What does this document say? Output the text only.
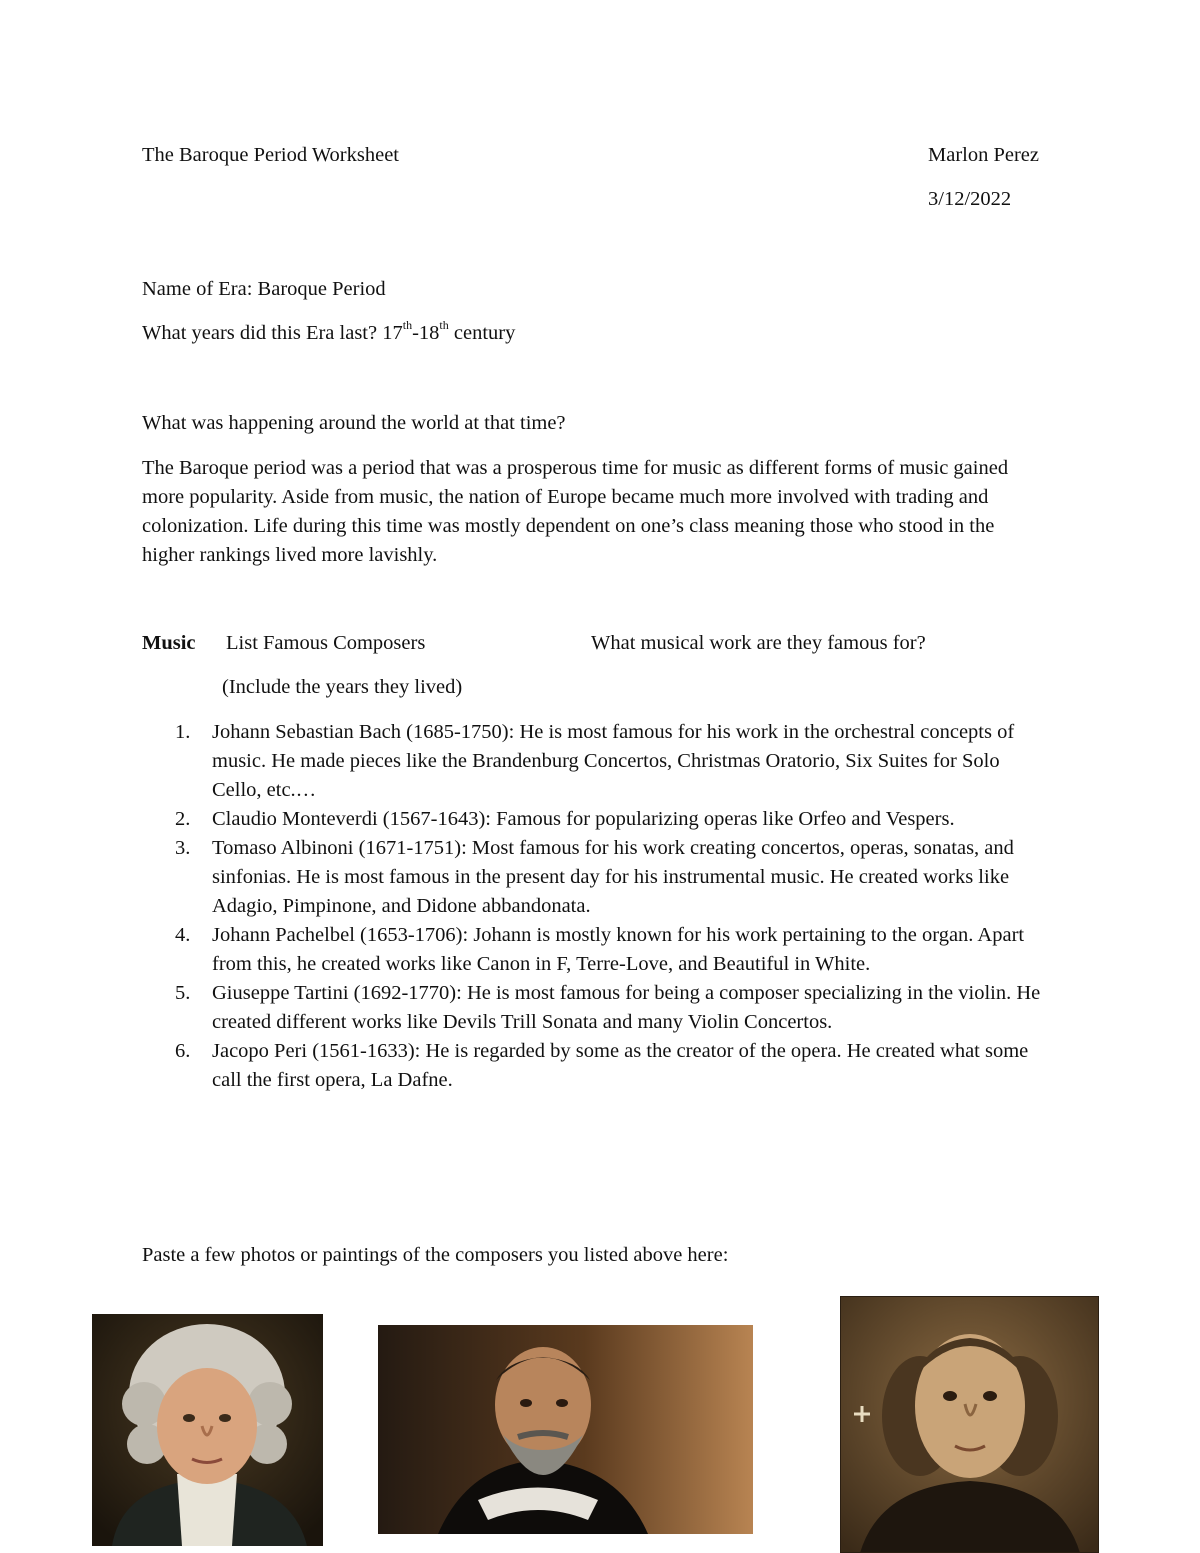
The Baroque Period Worksheet	Marlon Perez
3/12/2022
Name of Era: Baroque Period
What years did this Era last? 17th-18th century
What was happening around the world at that time?

The Baroque period was a period that was a prosperous time for music as different forms of music gained more popularity. Aside from music, the nation of Europe became much more involved with trading and colonization. Life during this time was mostly dependent on one’s class meaning those who stood in the higher rankings lived more lavishly.

Music List Famous Composers	What musical work are they famous for?
(Include the years they lived)
1. Johann Sebastian Bach (1685-1750): He is most famous for his work in the orchestral concepts of music. He made pieces like the Brandenburg Concertos, Christmas Oratorio, Six Suites for Solo Cello, etc.…
2. Claudio Monteverdi (1567-1643): Famous for popularizing operas like Orfeo and Vespers.
3. Tomaso Albinoni (1671-1751): Most famous for his work creating concertos, operas, sonatas, and sinfonias. He is most famous in the present day for his instrumental music. He created works like Adagio, Pimpinone, and Didone abbandonata.
4. Johann Pachelbel (1653-1706): Johann is mostly known for his work pertaining to the organ. Apart from this, he created works like Canon in F, Terre-Love, and Beautiful in White.
5. Giuseppe Tartini (1692-1770): He is most famous for being a composer specializing in the violin. He created different works like Devils Trill Sonata and many Violin Concertos.
6. Jacopo Peri (1561-1633): He is regarded by some as the creator of the opera. He created what some call the first opera, La Dafne.
Paste a few photos or paintings of the composers you listed above here:
